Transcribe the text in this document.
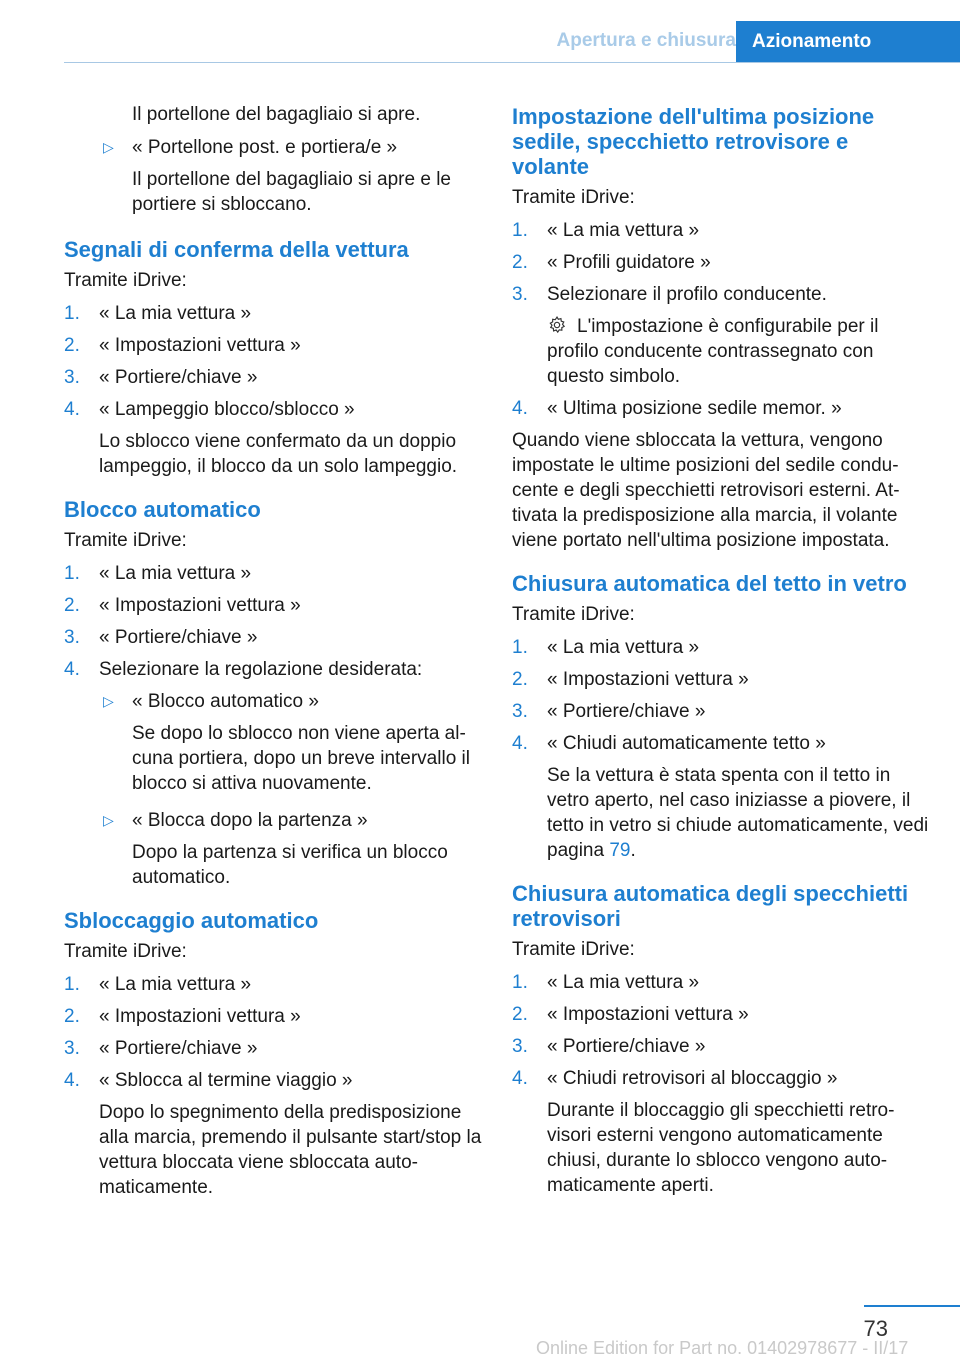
Apertura e chiusura Azionamento

Il portellone del bagagliaio si apre.

▷ « Portellone post. e portiera/e »

Il portellone del bagagliaio si apre e le portiere si sbloccano.

Segnali di conferma della vettura

Tramite iDrive:

1. « La mia vettura »
2. « Impostazioni vettura »
3. « Portiere/chiave »
4. « Lampeggio blocco/sblocco »

Lo sblocco viene confermato da un doppio lampeggio, il blocco da un solo lampeggio.

Blocco automatico

Tramite iDrive:

1. « La mia vettura »
2. « Impostazioni vettura »
3. « Portiere/chiave »
4. Selezionare la regolazione desiderata:
▷ « Blocco automatico »

Se dopo lo sblocco non viene aperta al-cuna portiera, dopo un breve intervallo il blocco si attiva nuovamente.

▷ « Blocca dopo la partenza »

Dopo la partenza si verifica un blocco automatico.

Sbloccaggio automatico

Tramite iDrive:

1. « La mia vettura »
2. « Impostazioni vettura »
3. « Portiere/chiave »
4. « Sblocca al termine viaggio »

Dopo lo spegnimento della predisposizione alla marcia, premendo il pulsante start/stop la vettura bloccata viene sbloccata auto-maticamente.

Impostazione dell'ultima posizione sedile, specchietto retrovisore e volante

Tramite iDrive:

1. « La mia vettura »
2. « Profili guidatore »
3. Selezionare il profilo conducente.

L'impostazione è configurabile per il profilo conducente contrassegnato con questo simbolo.

4. « Ultima posizione sedile memor. »

Quando viene sbloccata la vettura, vengono impostate le ultime posizioni del sedile condu-cente e degli specchietti retrovisori esterni. At-tivata la predisposizione alla marcia, il volante viene portato nell'ultima posizione impostata.

Chiusura automatica del tetto in vetro

Tramite iDrive:

1. « La mia vettura »
2. « Impostazioni vettura »
3. « Portiere/chiave »
4. « Chiudi automaticamente tetto »

Se la vettura è stata spenta con il tetto in vetro aperto, nel caso iniziasse a piovere, il tetto in vetro si chiude automaticamente, vedi pagina 79.

Chiusura automatica degli specchietti retrovisori

Tramite iDrive:

1. « La mia vettura »
2. « Impostazioni vettura »
3. « Portiere/chiave »
4. « Chiudi retrovisori al bloccaggio »

Durante il bloccaggio gli specchietti retro-visori esterni vengono automaticamente chiusi, durante lo sblocco vengono auto-maticamente aperti.

73
Online Edition for Part no. 01402978677 - II/17
